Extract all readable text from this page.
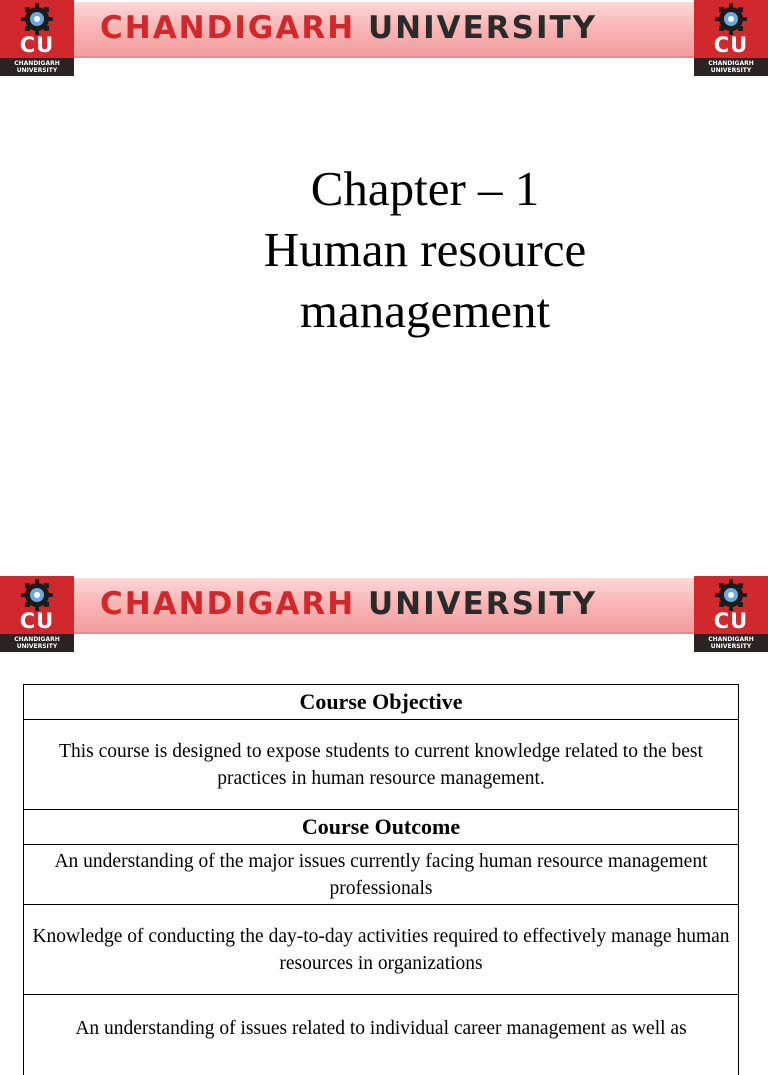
CHANDIGARH UNIVERSITY
CU
CHANDIGARH
UNIVERSITY
CU
CHANDIGARH
UNIVERSITY
Chapter – 1
Human resource
management
CHANDIGARH UNIVERSITY
CU
CHANDIGARH
UNIVERSITY
CU
CHANDIGARH
UNIVERSITY
Course Objective
This course is designed to expose students to current knowledge related to the best practices in human resource management.
Course Outcome
An understanding of the major issues currently facing human resource management professionals
Knowledge of conducting the day-to-day activities required to effectively manage human resources in organizations
An understanding of issues related to individual career management as well as
